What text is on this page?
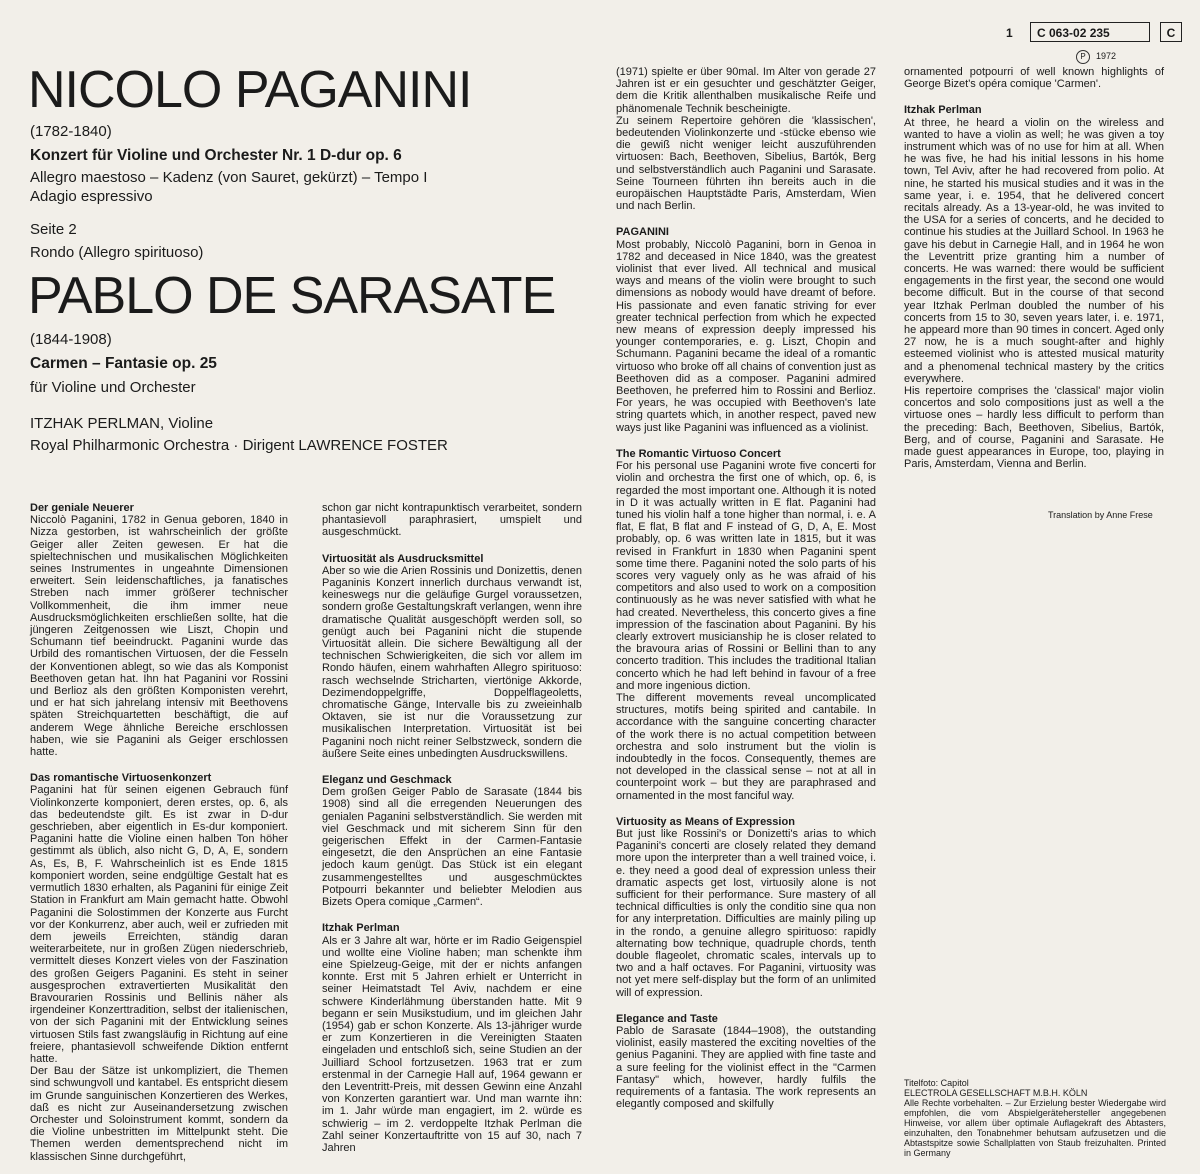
1	C 063-02 235	C
P 1972
NICOLO PAGANINI
(1782-1840)
Konzert für Violine und Orchester Nr. 1 D-dur op. 6
Allegro maestoso – Kadenz (von Sauret, gekürzt) – Tempo I
Adagio espressivo
Seite 2
Rondo (Allegro spirituoso)
PABLO DE SARASATE
(1844-1908)
Carmen – Fantasie op. 25
für Violine und Orchester
ITZHAK PERLMAN, Violine
Royal Philharmonic Orchestra · Dirigent LAWRENCE FOSTER
Der geniale Neuerer

Niccolò Paganini, 1782 in Genua geboren, 1840 in Nizza gestorben, ist wahrscheinlich der größte Geiger aller Zeiten gewesen. Er hat die spieltechnischen und musikalischen Möglichkeiten seines Instrumentes in ungeahnte Dimensionen erweitert. Sein leidenschaftliches, ja fanatisches Streben nach immer größerer technischer Vollkommenheit, die ihm immer neue Ausdrucksmöglichkeiten erschließen sollte, hat die jüngeren Zeitgenossen wie Liszt, Chopin und Schumann tief beeindruckt. Paganini wurde das Urbild des romantischen Virtuosen, der die Fesseln der Konventionen ablegt, so wie das als Komponist Beethoven getan hat. Ihn hat Paganini vor Rossini und Berlioz als den größten Komponisten verehrt, und er hat sich jahrelang intensiv mit Beethovens späten Streichquartetten beschäftigt, die auf anderem Wege ähnliche Bereiche erschlossen haben, wie sie Paganini als Geiger erschlossen hatte.

Das romantische Virtuosenkonzert

Paganini hat für seinen eigenen Gebrauch fünf Violinkonzerte komponiert, deren erstes, op. 6, als das bedeutendste gilt. Es ist zwar in D-dur geschrieben, aber eigentlich in Es-dur komponiert. Paganini hatte die Violine einen halben Ton höher gestimmt als üblich, also nicht G, D, A, E, sondern As, Es, B, F. Wahrscheinlich ist es Ende 1815 komponiert worden, seine endgültige Gestalt hat es vermutlich 1830 erhalten, als Paganini für einige Zeit Station in Frankfurt am Main gemacht hatte. Obwohl Paganini die Solostimmen der Konzerte aus Furcht vor der Konkurrenz, aber auch, weil er zufrieden mit dem jeweils Erreichten, ständig daran weiterarbeitete, nur in großen Zügen niederschrieb, vermittelt dieses Konzert vieles von der Faszination des großen Geigers Paganini. Es steht in seiner ausgesprochen extravertierten Musikalität den Bravourarien Rossinis und Bellinis näher als irgendeiner Konzerttradition, selbst der italienischen, von der sich Paganini mit der Entwicklung seines virtuosen Stils fast zwangsläufig in Richtung auf eine freiere, phantasievoll schweifende Diktion entfernt hatte.

Der Bau der Sätze ist unkompliziert, die Themen sind schwungvoll und kantabel. Es entspricht diesem im Grunde sanguinischen Konzertieren des Werkes, daß es nicht zur Auseinandersetzung zwischen Orchester und Soloinstrument kommt, sondern da die Violine unbestritten im Mittelpunkt steht. Die Themen werden dementsprechend nicht im klassischen Sinne durchgeführt,

schon gar nicht kontrapunktisch verarbeitet, sondern phantasievoll paraphrasiert, umspielt und ausgeschmückt.

Virtuosität als Ausdrucksmittel

Aber so wie die Arien Rossinis und Donizettis, denen Paganinis Konzert innerlich durchaus verwandt ist, keineswegs nur die geläufige Gurgel voraussetzen, sondern große Gestaltungskraft verlangen, wenn ihre dramatische Qualität ausgeschöpft werden soll, so genügt auch bei Paganini nicht die stupende Virtuosität allein. Die sichere Bewältigung all der technischen Schwierigkeiten, die sich vor allem im Rondo häufen, einem wahrhaften Allegro spirituoso: rasch wechselnde Stricharten, viertönige Akkorde, Dezimendoppelgriffe, Doppelflageoletts, chromatische Gänge, Intervalle bis zu zweieinhalb Oktaven, sie ist nur die Voraussetzung zur musikalischen Interpretation. Virtuosität ist bei Paganini noch nicht reiner Selbstzweck, sondern die äußere Seite eines unbedingten Ausdruckswillens.

Eleganz und Geschmack

Dem großen Geiger Pablo de Sarasate (1844 bis 1908) sind all die erregenden Neuerungen des genialen Paganini selbstverständlich. Sie werden mit viel Geschmack und mit sicherem Sinn für den geigerischen Effekt in der Carmen-Fantasie eingesetzt, die den Ansprüchen an eine Fantasie jedoch kaum genügt. Das Stück ist ein elegant zusammengestelltes und ausgeschmücktes Potpourri bekannter und beliebter Melodien aus Bizets Opera comique „Carmen“.

Itzhak Perlman

Als er 3 Jahre alt war, hörte er im Radio Geigenspiel und wollte eine Violine haben; man schenkte ihm eine Spielzeug-Geige, mit der er nichts anfangen konnte. Erst mit 5 Jahren erhielt er Unterricht in seiner Heimatstadt Tel Aviv, nachdem er eine schwere Kinderlähmung überstanden hatte. Mit 9 begann er sein Musikstudium, und im gleichen Jahr (1954) gab er schon Konzerte. Als 13-jähriger wurde er zum Konzertieren in die Vereinigten Staaten eingeladen und entschloß sich, seine Studien an der Juilliard School fortzusetzen. 1963 trat er zum erstenmal in der Carnegie Hall auf, 1964 gewann er den Leventritt-Preis, mit dessen Gewinn eine Anzahl von Konzerten garantiert war. Und man warnte ihn: im 1. Jahr würde man engagiert, im 2. würde es schwierig – im 2. verdoppelte Itzhak Perlman die Zahl seiner Konzertauftritte von 15 auf 30, nach 7 Jahren

(1971) spielte er über 90mal. Im Alter von gerade 27 Jahren ist er ein gesuchter und geschätzter Geiger, dem die Kritik allenthalben musikalische Reife und phänomenale Technik bescheinigte.

Zu seinem Repertoire gehören die 'klassischen', bedeutenden Violinkonzerte und -stücke ebenso wie die gewiß nicht weniger leicht auszuführenden virtuosen: Bach, Beethoven, Sibelius, Bartók, Berg und selbstverständlich auch Paganini und Sarasate. Seine Tourneen führten ihn bereits auch in die europäischen Hauptstädte Paris, Amsterdam, Wien und nach Berlin.

PAGANINI

Most probably, Niccolò Paganini, born in Genoa in 1782 and deceased in Nice 1840, was the greatest violinist that ever lived. All technical and musical ways and means of the violin were brought to such dimensions as nobody would have dreamt of before. His passionate and even fanatic striving for ever greater technical perfection from which he expected new means of expression deeply impressed his younger contemporaries, e. g. Liszt, Chopin and Schumann. Paganini became the ideal of a romantic virtuoso who broke off all chains of convention just as Beethoven did as a composer. Paganini admired Beethoven, he preferred him to Rossini and Berlioz. For years, he was occupied with Beethoven's late string quartets which, in another respect, paved new ways just like Paganini was influenced as a violinist.

The Romantic Virtuoso Concert

For his personal use Paganini wrote five concerti for violin and orchestra the first one of which, op. 6, is regarded the most important one. Although it is noted in D it was actually written in E flat. Paganini had tuned his violin half a tone higher than normal, i. e. A flat, E flat, B flat and F instead of G, D, A, E. Most probably, op. 6 was written late in 1815, but it was revised in Frankfurt in 1830 when Paganini spent some time there. Paganini noted the solo parts of his scores very vaguely only as he was afraid of his competitors and also used to work on a composition continuously as he was never satisfied with what he had created. Nevertheless, this concerto gives a fine impression of the fascination about Paganini. By his clearly extrovert musicianship he is closer related to the bravoura arias of Rossini or Bellini than to any concerto tradition. This includes the traditional Italian concerto which he had left behind in favour of a free and more ingenious diction.

The different movements reveal uncomplicated structures, motifs being spirited and cantabile. In accordance with the sanguine concerting character of the work there is no actual competition between orchestra and solo instrument but the violin is indoubtedly in the focos. Consequently, themes are not developed in the classical sense – not at all in counterpoint work – but they are paraphrased and ornamented in the most fanciful way.

Virtuosity as Means of Expression

But just like Rossini's or Donizetti's arias to which Paganini's concerti are closely related they demand more upon the interpreter than a well trained voice, i. e. they need a good deal of expression unless their dramatic aspects get lost, virtuosily alone is not sufficient for their performance. Sure mastery of all technical difficulties is only the conditio sine qua non for any interpretation. Difficulties are mainly piling up in the rondo, a genuine allegro spirituoso: rapidly alternating bow technique, quadruple chords, tenth double flageolet, chromatic scales, intervals up to two and a half octaves. For Paganini, virtuosity was not yet mere self-display but the form of an unlimited will of expression.

Elegance and Taste

Pablo de Sarasate (1844–1908), the outstanding violinist, easily mastered the exciting novelties of the genius Paganini. They are applied with fine taste and a sure feeling for the violinist effect in the "Carmen Fantasy" which, however, hardly fulfils the requirements of a fantasia. The work represents an elegantly composed and skilfully

ornamented potpourri of well known highlights of George Bizet's opéra comique 'Carmen'.

Itzhak Perlman

At three, he heard a violin on the wireless and wanted to have a violin as well; he was given a toy instrument which was of no use for him at all. When he was five, he had his initial lessons in his home town, Tel Aviv, after he had recovered from polio. At nine, he started his musical studies and it was in the same year, i. e. 1954, that he delivered concert recitals already. As a 13-year-old, he was invited to the USA for a series of concerts, and he decided to continue his studies at the Juillard School. In 1963 he gave his debut in Carnegie Hall, and in 1964 he won the Leventritt prize granting him a number of concerts. He was warned: there would be sufficient engagements in the first year, the second one would become difficult. But in the course of that second year Itzhak Perlman doubled the number of his concerts from 15 to 30, seven years later, i. e. 1971, he appeard more than 90 times in concert. Aged only 27 now, he is a much sought-after and highly esteemed violinist who is attested musical maturity and a phenomenal technical mastery by the critics everywhere.

His repertoire comprises the 'classical' major violin concertos and solo compositions just as well a the virtuose ones – hardly less difficult to perform than the preceding: Bach, Beethoven, Sibelius, Bartók, Berg, and of course, Paganini and Sarasate. He made guest appearances in Europe, too, playing in Paris, Amsterdam, Vienna and Berlin.

Translation by Anne Frese

Titelfoto: Capitol

ELECTROLA GESELLSCHAFT M.B.H. KÖLN

Alle Rechte vorbehalten. – Zur Erzielung bester Wiedergabe wird empfohlen, die vom Abspielgeräteherstellег angegebenen Hinweise, vor allem über optimale Auflagekraft des Abtasters, einzuhalten, den Tonabnehmer behutsam aufzusetzen und die Abtastspitze sowie Schallplatten von Staub freizuhalten. Printed in Germany
